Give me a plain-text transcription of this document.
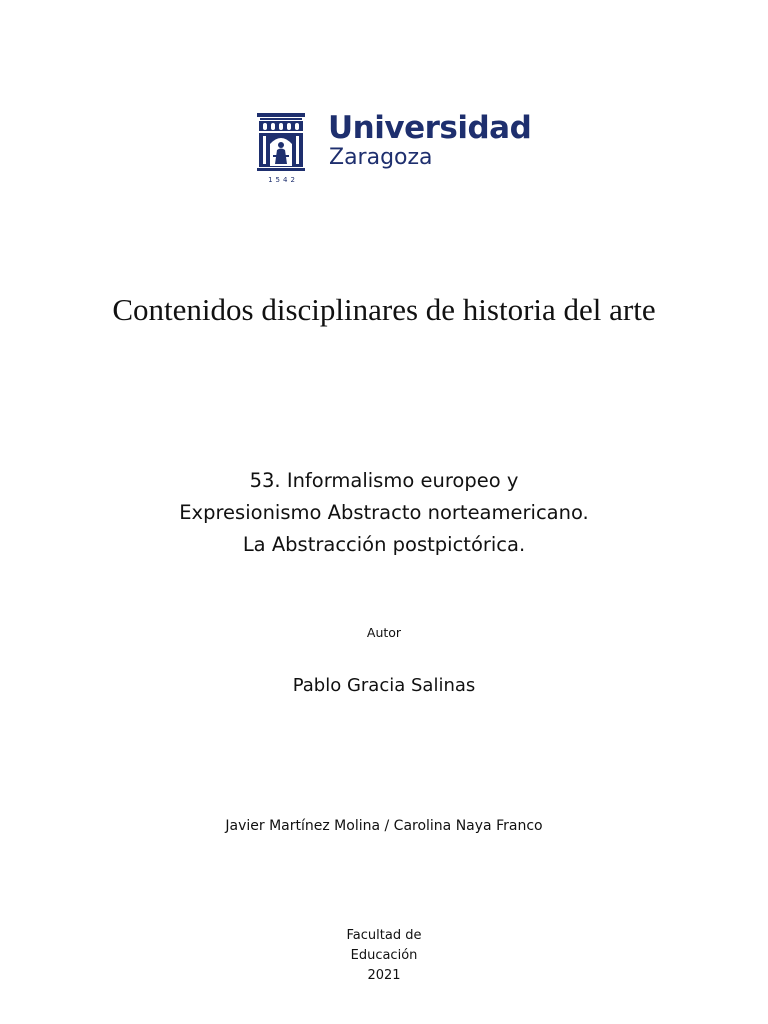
1542
Universidad
Zaragoza
Contenidos disciplinares de historia del arte
53. Informalismo europeo y
Expresionismo Abstracto norteamericano.
La Abstracción postpictórica.
Autor
Pablo Gracia Salinas
Javier Martínez Molina / Carolina Naya Franco
Facultad de
Educación
2021
